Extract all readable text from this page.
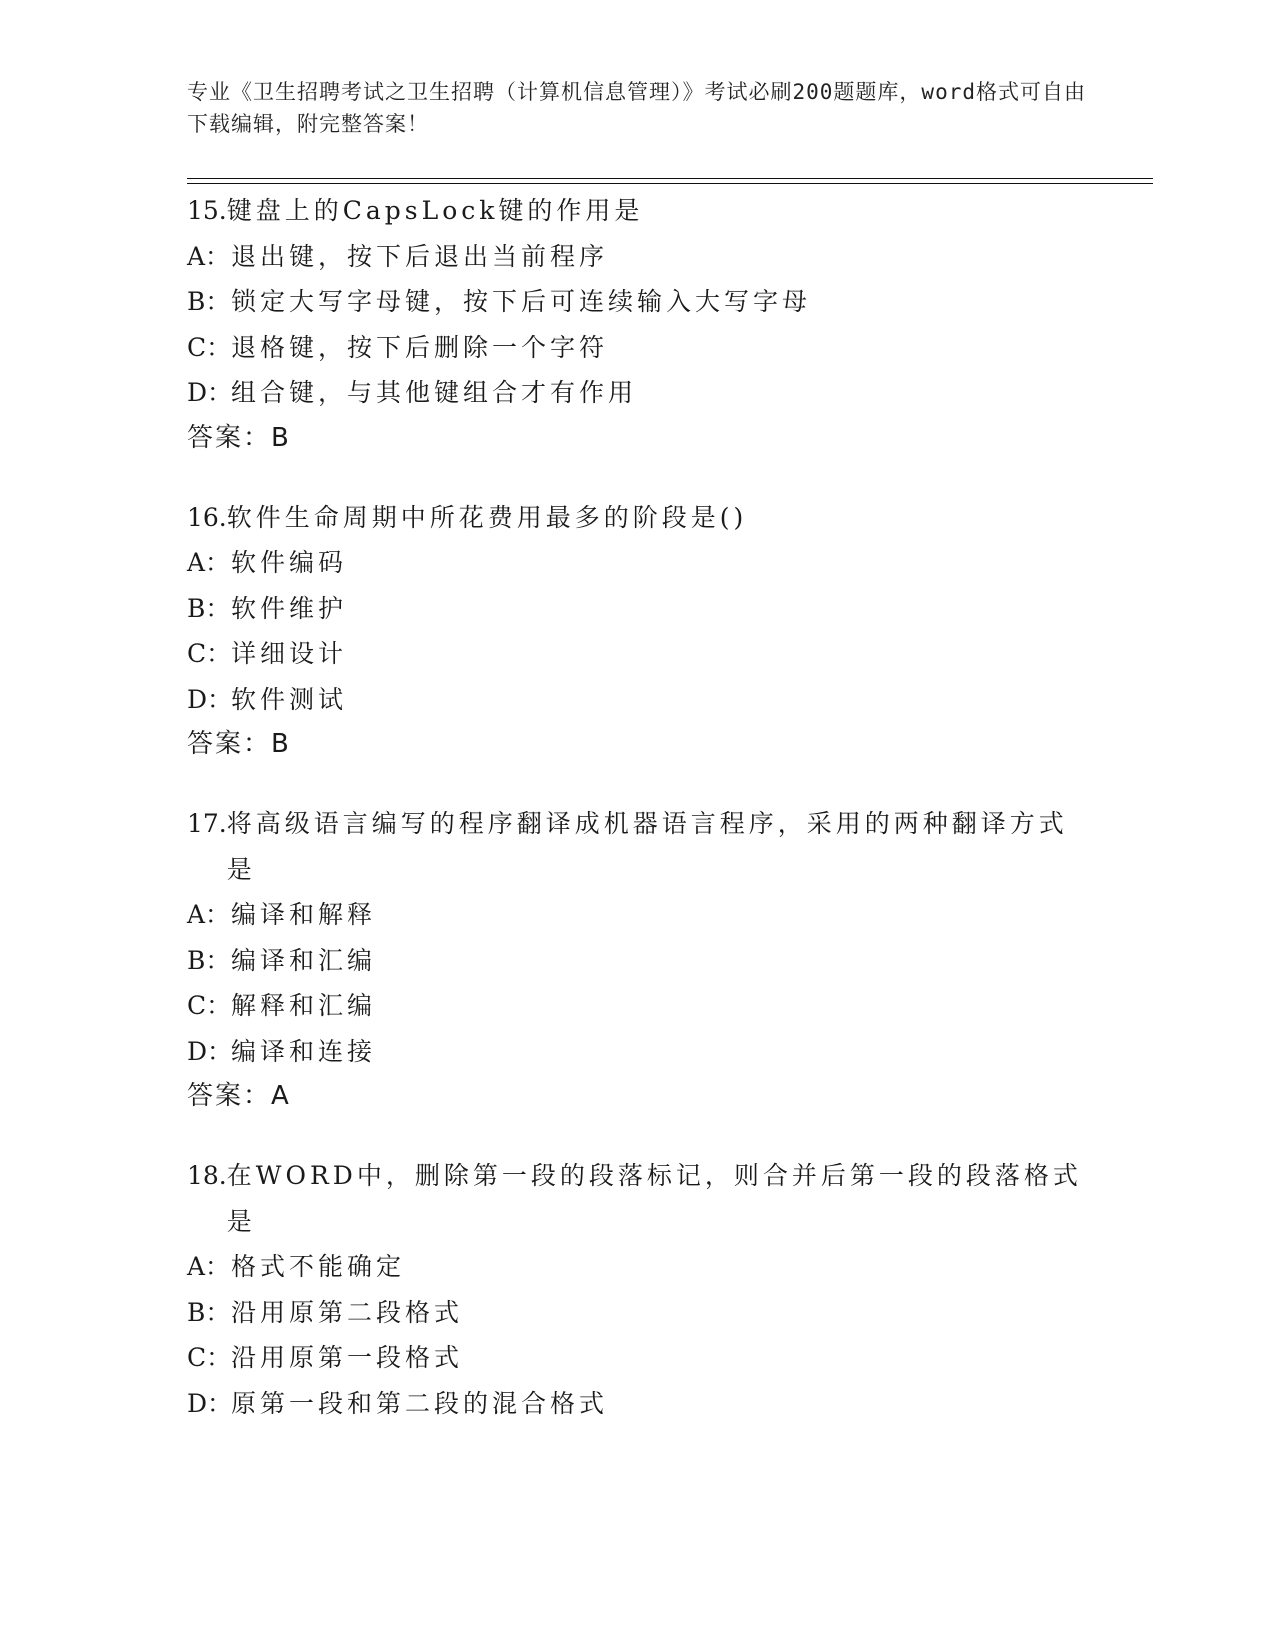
专业《卫生招聘考试之卫生招聘（计算机信息管理）》考试必刷200题题库，word格式可自由下载编辑，附完整答案！
15. 键盘上的CapsLock键的作用是
A： 退出键，按下后退出当前程序
B： 锁定大写字母键，按下后可连续输入大写字母
C： 退格键，按下后删除一个字符
D：
组合键，与其他键组合才有作用
答案：B
16. 软件生命周期中所花费用最多的阶段是()
A： 软件编码
B： 软件维护
C： 详细设计
D：
软件测试
答案：B
17. 将高级语言编写的程序翻译成机器语言程序，采用的两种翻译方式是
A： 编译和解释
B： 编译和汇编
C： 解释和汇编
D：
编译和连接
答案：A
18. 在WORD中，删除第一段的段落标记，则合并后第一段的段落格式是
A： 格式不能确定
B： 沿用原第二段格式
C： 沿用原第一段格式
D：
原第一段和第二段的混合格式
